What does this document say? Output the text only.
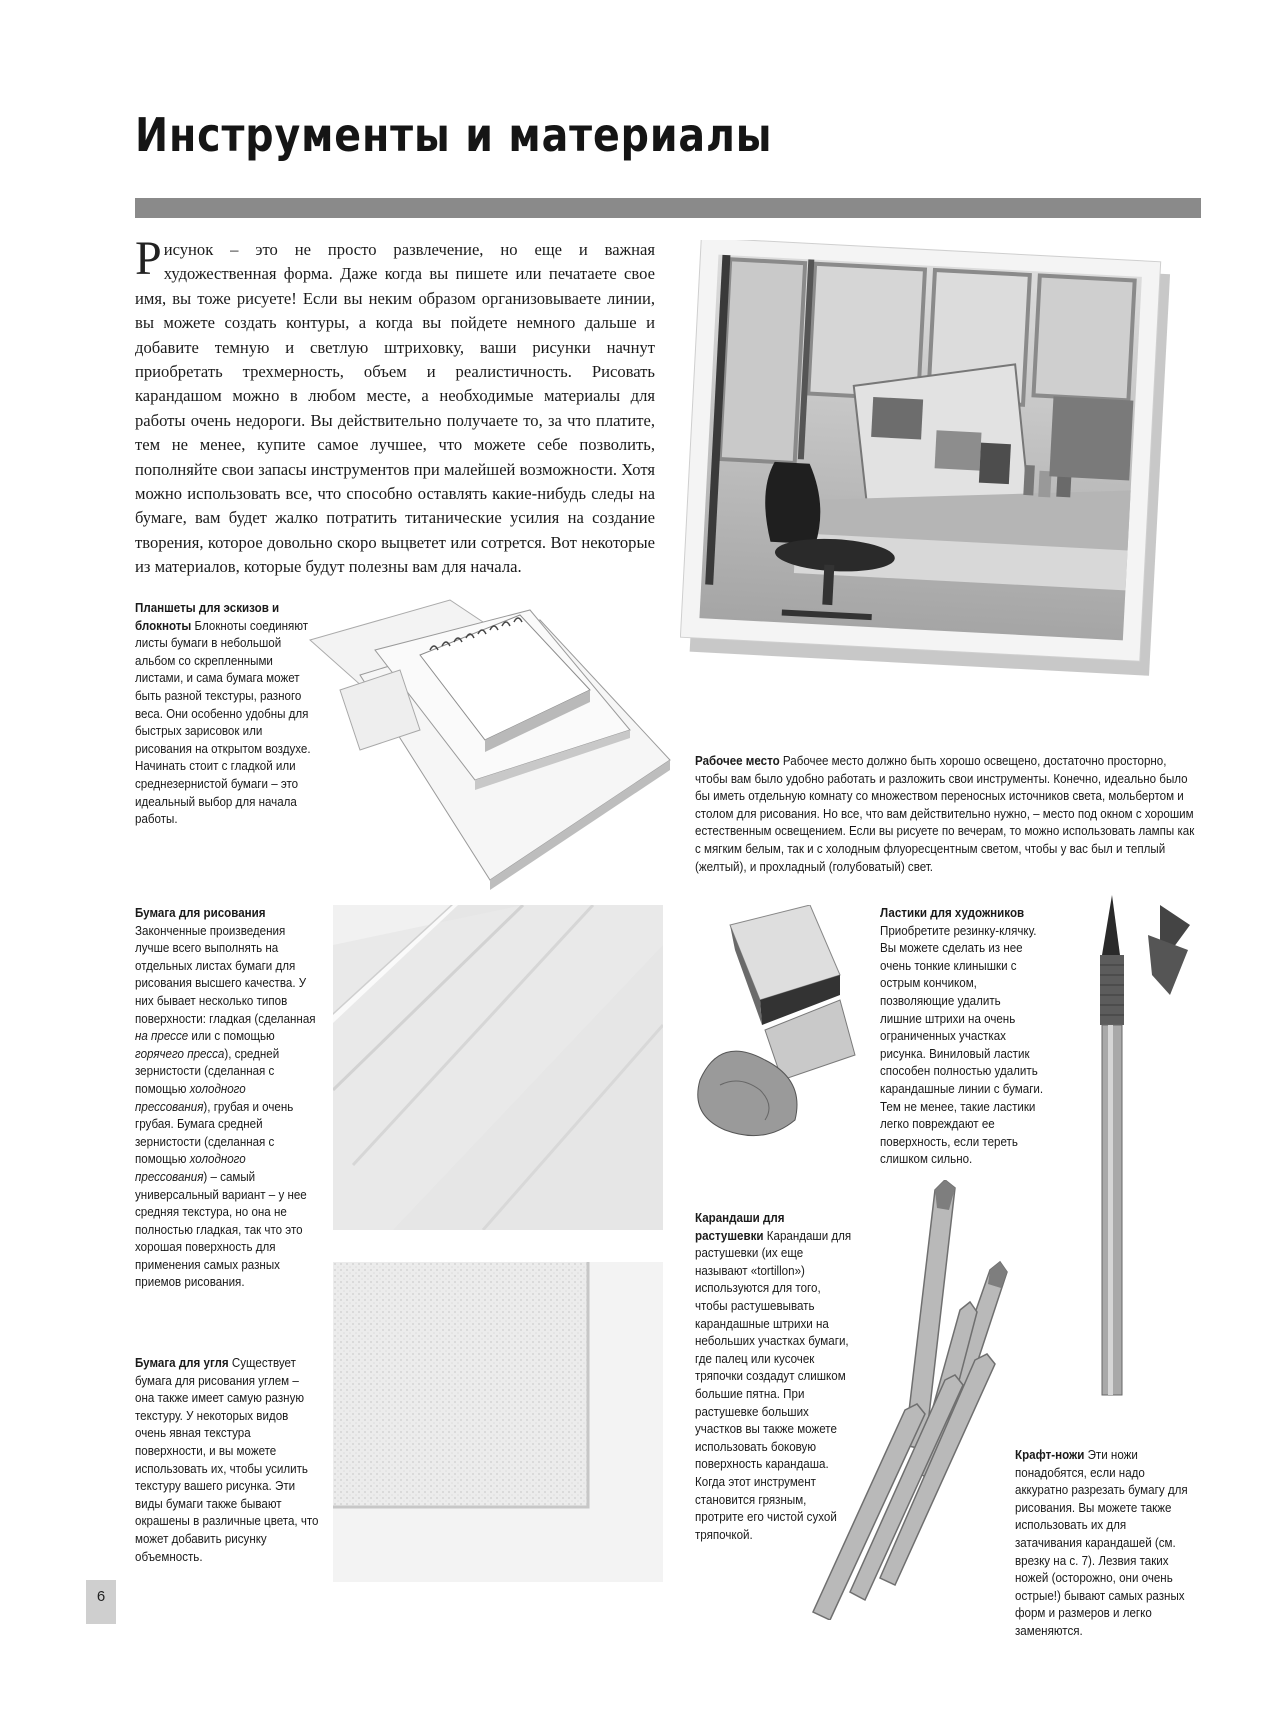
Инструменты и материалы
Рисунок – это не просто развлечение, но еще и важная художественная форма. Даже когда вы пишете или печатаете свое имя, вы тоже рисуете! Если вы неким образом организовываете линии, вы можете создать контуры, а когда вы пойдете немного дальше и добавите темную и светлую штриховку, ваши рисунки начнут приобретать трехмерность, объем и реалистичность. Рисовать карандашом можно в любом месте, а необходимые материалы для работы очень недороги. Вы действительно получаете то, за что платите, тем не менее, купите самое лучшее, что можете себе позволить, пополняйте свои запасы инструментов при малейшей возможности. Хотя можно использовать все, что способно оставлять какие-нибудь следы на бумаге, вам будет жалко потратить титанические усилия на создание творения, которое довольно скоро выцветет или сотрется. Вот некоторые из материалов, которые будут полезны вам для начала.
Планшеты для эскизов и блокноты Блокноты соединяют листы бумаги в небольшой альбом со скрепленными листами, и сама бумага может быть разной текстуры, разного веса. Они особенно удобны для быстрых зарисовок или рисования на открытом воздухе. Начинать стоит с гладкой или среднезернистой бумаги – это идеальный выбор для начала работы.
Рабочее место Рабочее место должно быть хорошо освещено, достаточно просторно, чтобы вам было удобно работать и разложить свои инструменты. Конечно, идеально было бы иметь отдельную комнату со множеством переносных источников света, мольбертом и столом для рисования. Но все, что вам действительно нужно, – место под окном с хорошим естественным освещением. Если вы рисуете по вечерам, то можно использовать лампы как с мягким белым, так и с холодным флуоресцентным светом, чтобы у вас был и теплый (желтый), и прохладный (голубоватый) свет.
Бумага для рисования
Законченные произведения лучше всего выполнять на отдельных листах бумаги для рисования высшего качества. У них бывает несколько типов поверхности: гладкая (сделанная на прессе или с помощью горячего пресса), средней зернистости (сделанная с помощью холодного прессования), грубая и очень грубая. Бумага средней зернистости (сделанная с помощью холодного прессования) – самый универсальный вариант – у нее средняя текстура, но она не полностью гладкая, так что это хорошая поверхность для применения самых разных приемов рисования.
Бумага для угля Существует бумага для рисования углем – она также имеет самую разную текстуру. У некоторых видов очень явная текстура поверхности, и вы можете использовать их, чтобы усилить текстуру вашего рисунка. Эти виды бумаги также бывают окрашены в различные цвета, что может добавить рисунку объемность.
Ластики для художников
Приобретите резинку-клячку. Вы можете сделать из нее очень тонкие клинышки с острым кончиком, позволяющие удалить лишние штрихи на очень ограниченных участках рисунка. Виниловый ластик способен полностью удалить карандашные линии с бумаги. Тем не менее, такие ластики легко повреждают ее поверхность, если тереть слишком сильно.
Карандаши для растушевки Карандаши для растушевки (их еще называют «tortillon») используются для того, чтобы растушевывать карандашные штрихи на небольших участках бумаги, где палец или кусочек тряпочки создадут слишком большие пятна. При растушевке больших участков вы также можете использовать боковую поверхность карандаша. Когда этот инструмент становится грязным, протрите его чистой сухой тряпочкой.
Крафт-ножи Эти ножи понадобятся, если надо аккуратно разрезать бумагу для рисования. Вы можете также использовать их для затачивания карандашей (см. врезку на с. 7). Лезвия таких ножей (осторожно, они очень острые!) бывают самых разных форм и размеров и легко заменяются.
6
